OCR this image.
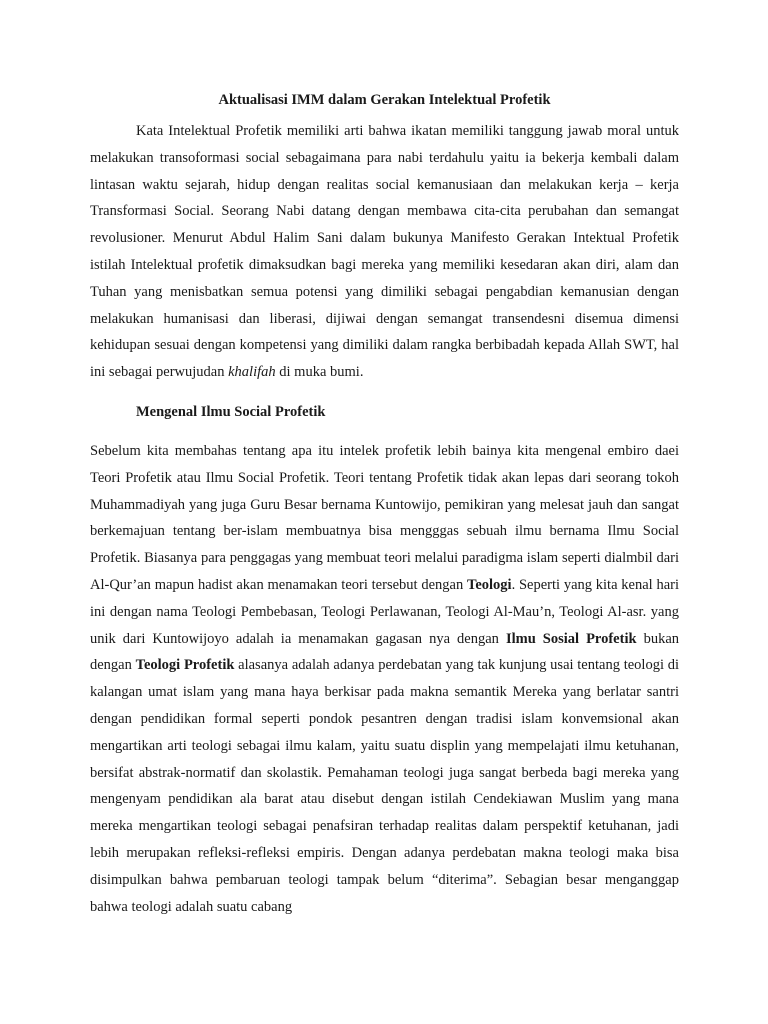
Aktualisasi IMM dalam Gerakan Intelektual Profetik

Kata Intelektual Profetik memiliki arti bahwa ikatan memiliki tanggung jawab moral untuk melakukan transoformasi social sebagaimana para nabi terdahulu yaitu ia bekerja kembali dalam lintasan waktu sejarah, hidup dengan realitas social kemanusiaan dan melakukan kerja – kerja Transformasi Social. Seorang Nabi datang dengan membawa cita-cita perubahan dan semangat revolusioner. Menurut Abdul Halim Sani dalam bukunya Manifesto Gerakan Intektual Profetik istilah Intelektual profetik dimaksudkan bagi mereka yang memiliki kesedaran akan diri, alam dan Tuhan yang menisbatkan semua potensi yang dimiliki sebagai pengabdian kemanusian dengan melakukan humanisasi dan liberasi, dijiwai dengan semangat transendesni disemua dimensi kehidupan sesuai dengan kompetensi yang dimiliki dalam rangka berbibadah kepada Allah SWT, hal ini sebagai perwujudan khalifah di muka bumi.

Mengenal Ilmu Social Profetik

Sebelum kita membahas tentang apa itu intelek profetik lebih bainya kita mengenal embiro daei Teori Profetik atau Ilmu Social Profetik. Teori tentang Profetik tidak akan lepas dari seorang tokoh Muhammadiyah yang juga Guru Besar bernama Kuntowijo, pemikiran yang melesat jauh dan sangat berkemajuan tentang ber-islam membuatnya bisa mengggas sebuah ilmu bernama Ilmu Social Profetik. Biasanya para penggagas yang membuat teori melalui paradigma islam seperti dialmbil dari Al-Qur’an mapun hadist akan menamakan teori tersebut dengan Teologi. Seperti yang kita kenal hari ini dengan nama Teologi Pembebasan, Teologi Perlawanan, Teologi Al-Mau’n, Teologi Al-asr. yang unik dari Kuntowijoyo adalah ia menamakan gagasan nya dengan Ilmu Sosial Profetik bukan dengan Teologi Profetik alasanya adalah adanya perdebatan yang tak kunjung usai tentang teologi di kalangan umat islam yang mana haya berkisar pada makna semantik Mereka yang berlatar santri dengan pendidikan formal seperti pondok pesantren dengan tradisi islam konvemsional akan mengartikan arti teologi sebagai ilmu kalam, yaitu suatu displin yang mempelajati ilmu ketuhanan, bersifat abstrak-normatif dan skolastik. Pemahaman teologi juga sangat berbeda bagi mereka yang mengenyam pendidikan ala barat atau disebut dengan istilah Cendekiawan Muslim yang mana mereka mengartikan teologi sebagai penafsiran terhadap realitas dalam perspektif ketuhanan, jadi lebih merupakan refleksi-refleksi empiris. Dengan adanya perdebatan makna teologi maka bisa disimpulkan bahwa pembaruan teologi tampak belum “diterima”. Sebagian besar menganggap bahwa teologi adalah suatu cabang
